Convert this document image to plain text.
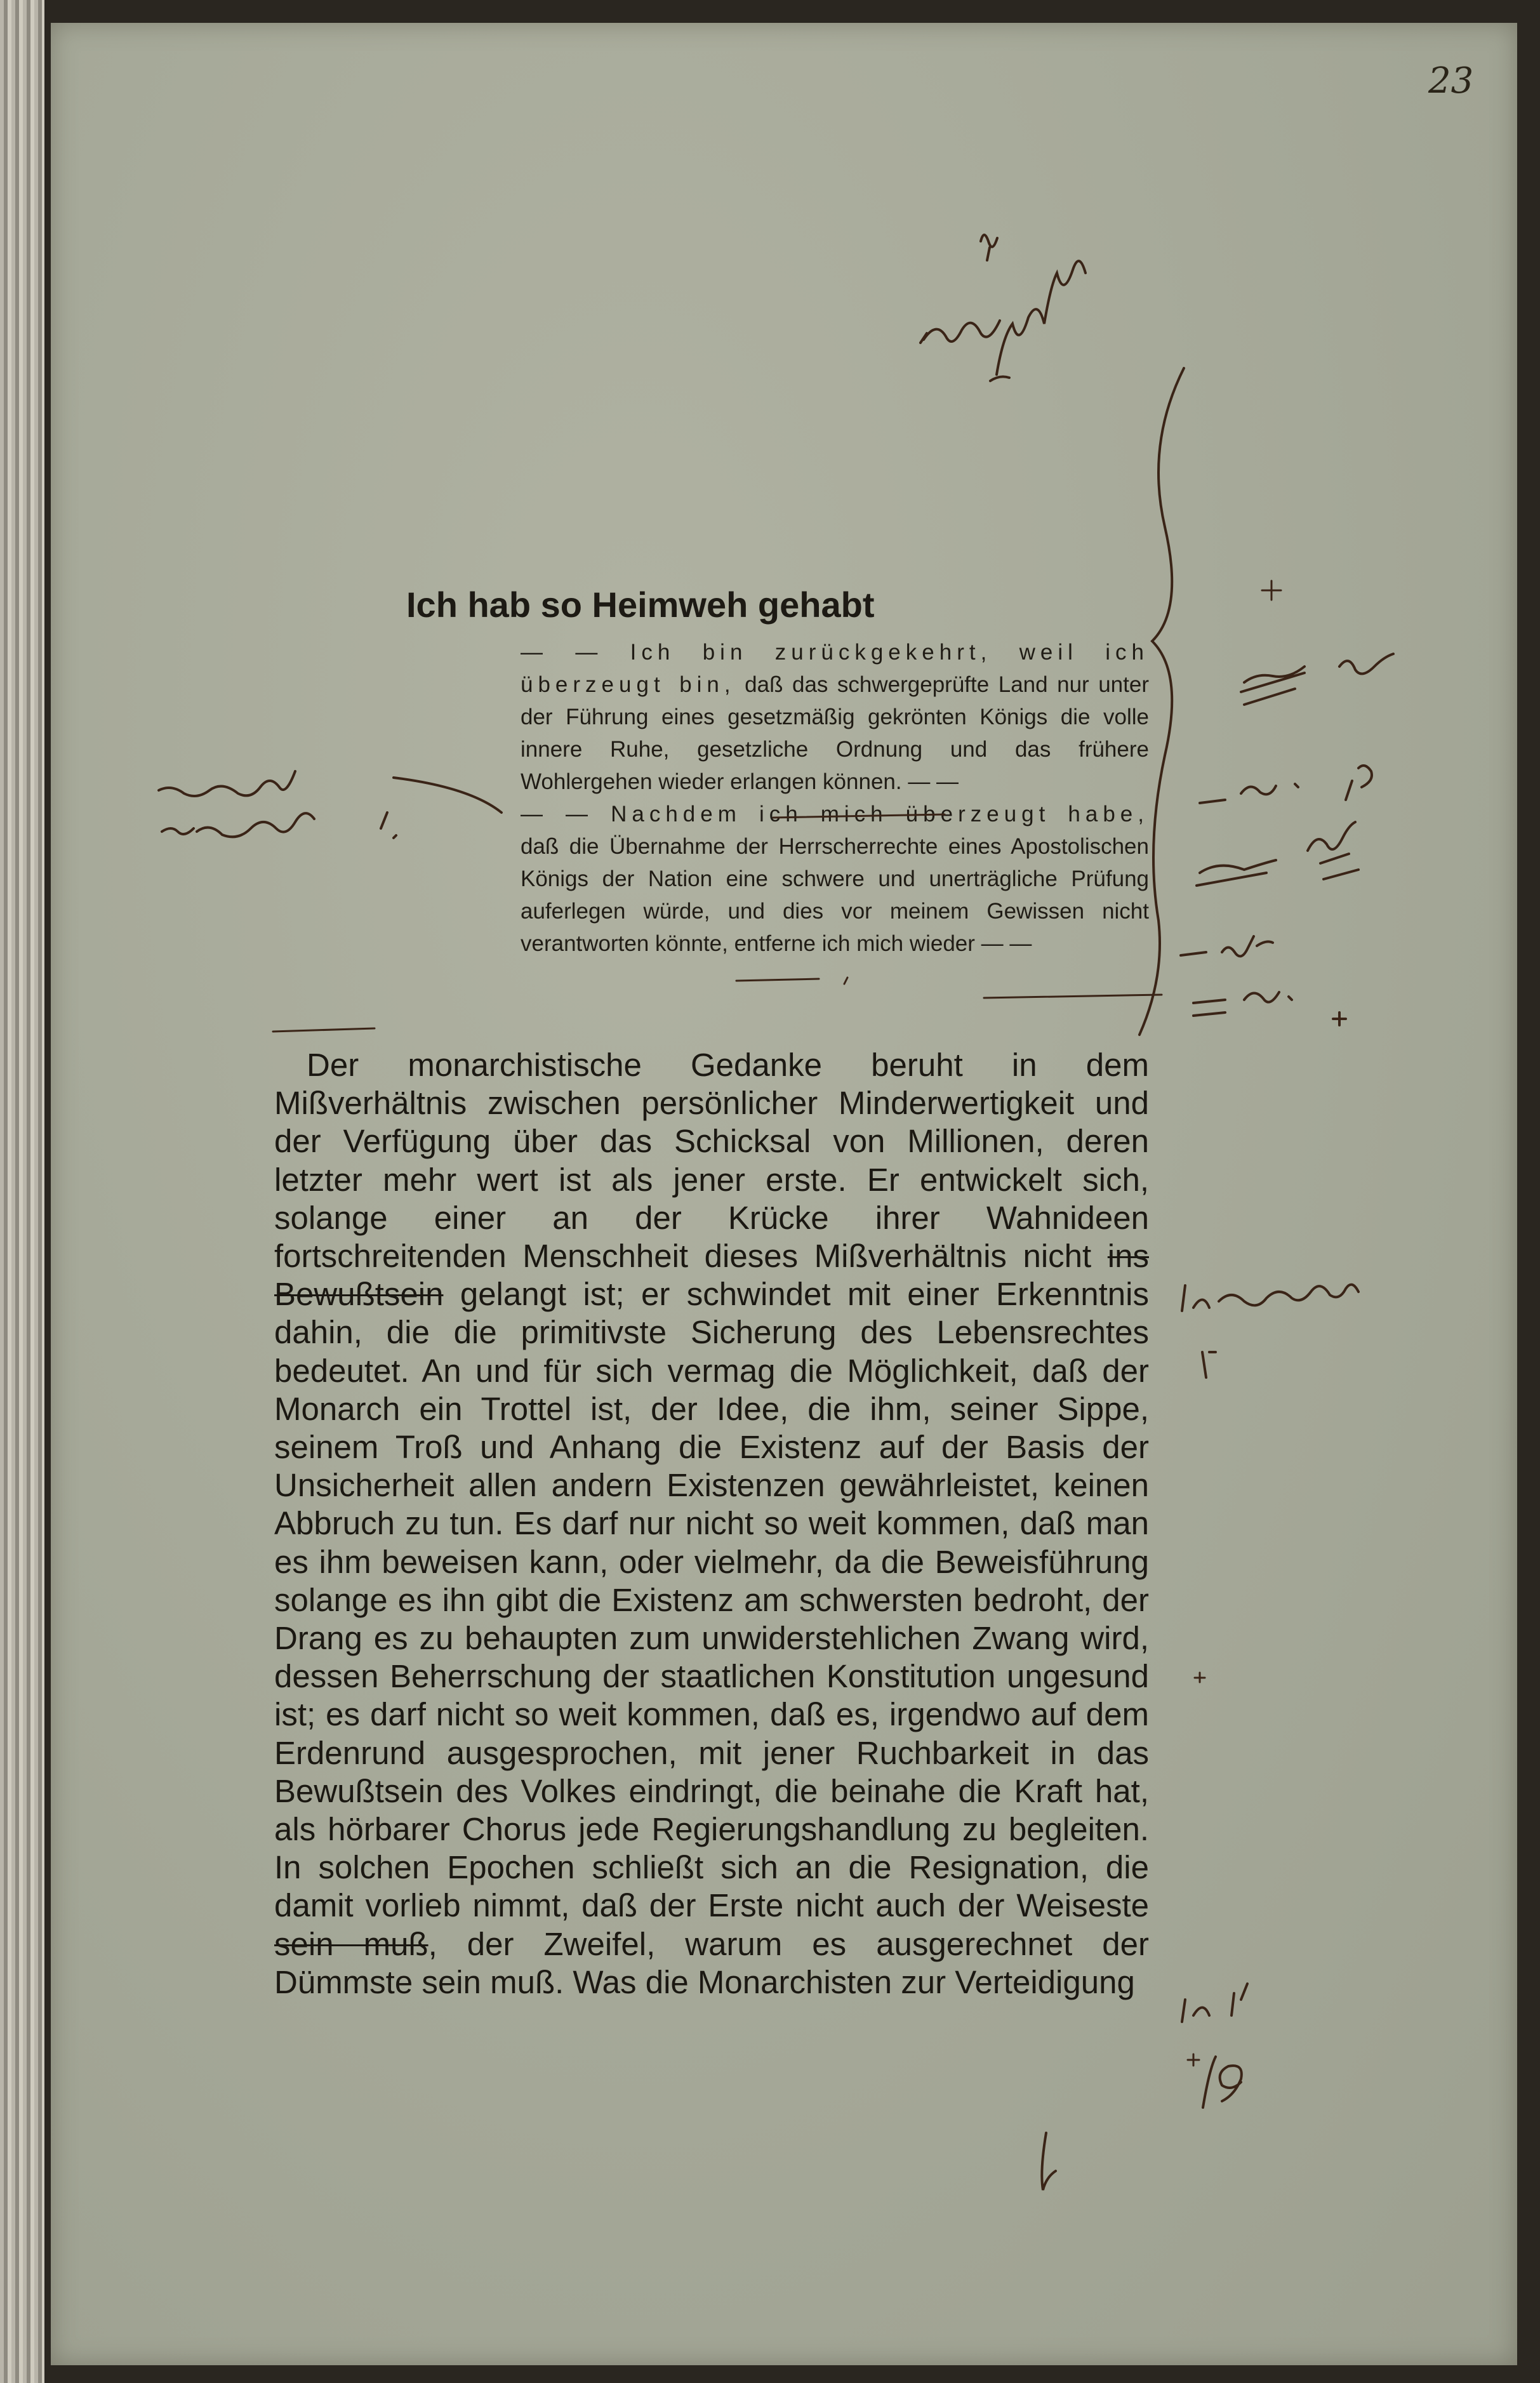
23
Ich hab so Heimweh gehabt

— — Ich bin zurückgekehrt, weil ich überzeugt bin, daß das schwergeprüfte Land nur unter der Führung eines gesetzmäßig gekrönten Königs die volle innere Ruhe, gesetzliche Ordnung und das frühere Wohlergehen wieder erlangen können. — —

— — Nachdem ich mich überzeugt habe, daß die Übernahme der Herrscherrechte eines Apostolischen Königs der Nation eine schwere und unerträgliche Prüfung auferlegen würde, und dies vor meinem Gewissen nicht verantworten könnte, entferne ich mich wieder — —

 Der monarchistische Gedanke beruht in dem Mißverhältnis zwischen persönlicher Minderwertigkeit und der Verfügung über das Schicksal von Millionen, deren letzter mehr wert ist als jener erste. Er entwickelt sich, solange einer an der Krücke ihrer Wahnideen fortschreitenden Menschheit dieses Mißverhältnis nicht ins Bewußtsein gelangt ist; er schwindet mit einer Erkenntnis dahin, die die primitivste Sicherung des Lebensrechtes bedeutet. An und für sich vermag die Möglichkeit, daß der Monarch ein Trottel ist, der Idee, die ihm, seiner Sippe, seinem Troß und Anhang die Existenz auf der Basis der Unsicherheit allen andern Existenzen gewährleistet, keinen Abbruch zu tun. Es darf nur nicht so weit kommen, daß man es ihm beweisen kann, oder vielmehr, da die Beweisführung solange es ihn gibt die Existenz am schwersten bedroht, der Drang es zu behaupten zum unwiderstehlichen Zwang wird, dessen Beherrschung der staatlichen Konstitution ungesund ist; es darf nicht so weit kommen, daß es, irgendwo auf dem Erdenrund ausgesprochen, mit jener Ruchbarkeit in das Bewußtsein des Volkes eindringt, die beinahe die Kraft hat, als hörbarer Chorus jede Regierungshandlung zu begleiten. In solchen Epochen schließt sich an die Resignation, die damit vorlieb nimmt, daß der Erste nicht auch der Weiseste sein muß, der Zweifel, warum es ausgerechnet der Dümmste sein muß. Was die Monarchisten zur Verteidigung
